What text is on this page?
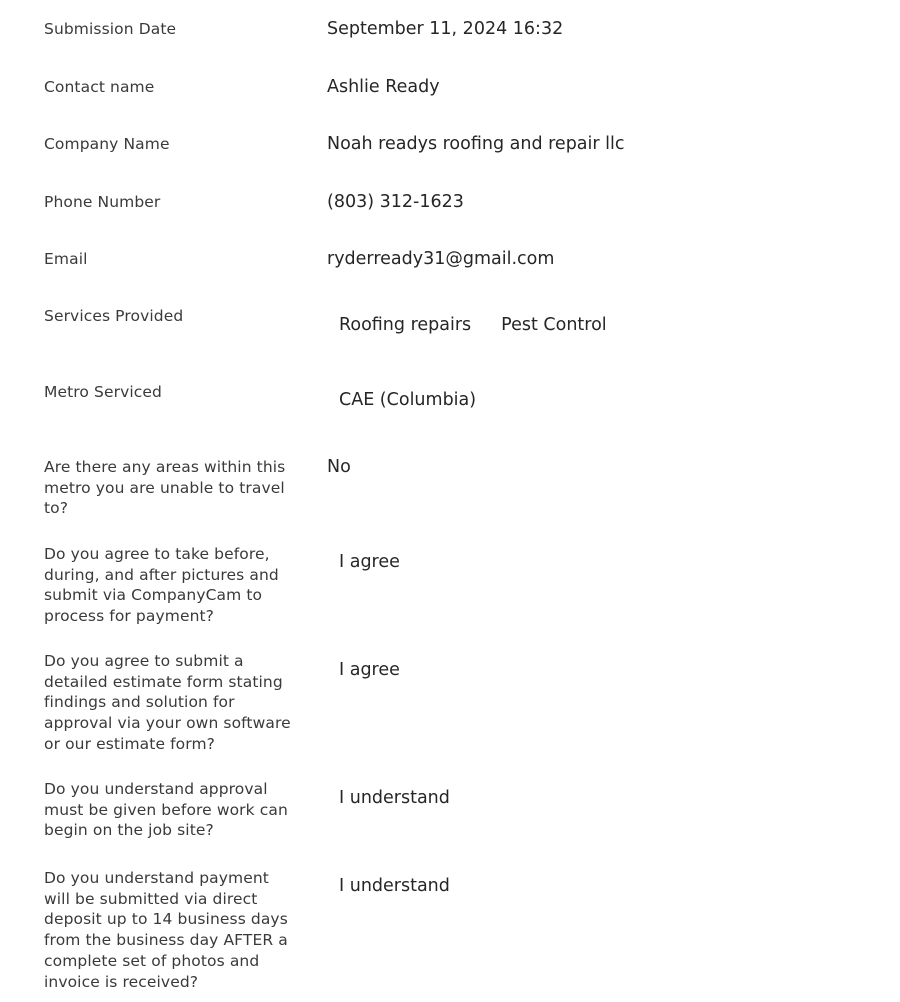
Submission Date	September 11, 2024 16:32
Contact name	Ashlie Ready
Company Name	Noah readys roofing and repair llc
Phone Number	(803) 312-1623
Email	ryderready31@gmail.com
Services Provided	Roofing repairs Pest Control
Metro Serviced	CAE (Columbia)
Are there any areas within this metro you are unable to travel to?
No
Do you agree to take before, during, and after pictures and submit via CompanyCam to process for payment?
I agree
Do you agree to submit a detailed estimate form stating findings and solution for approval via your own software or our estimate form?
I agree
Do you understand approval must be given before work can begin on the job site?
I understand
Do you understand payment will be submitted via direct deposit up to 14 business days from the business day AFTER a complete set of photos and invoice is received?
I understand
